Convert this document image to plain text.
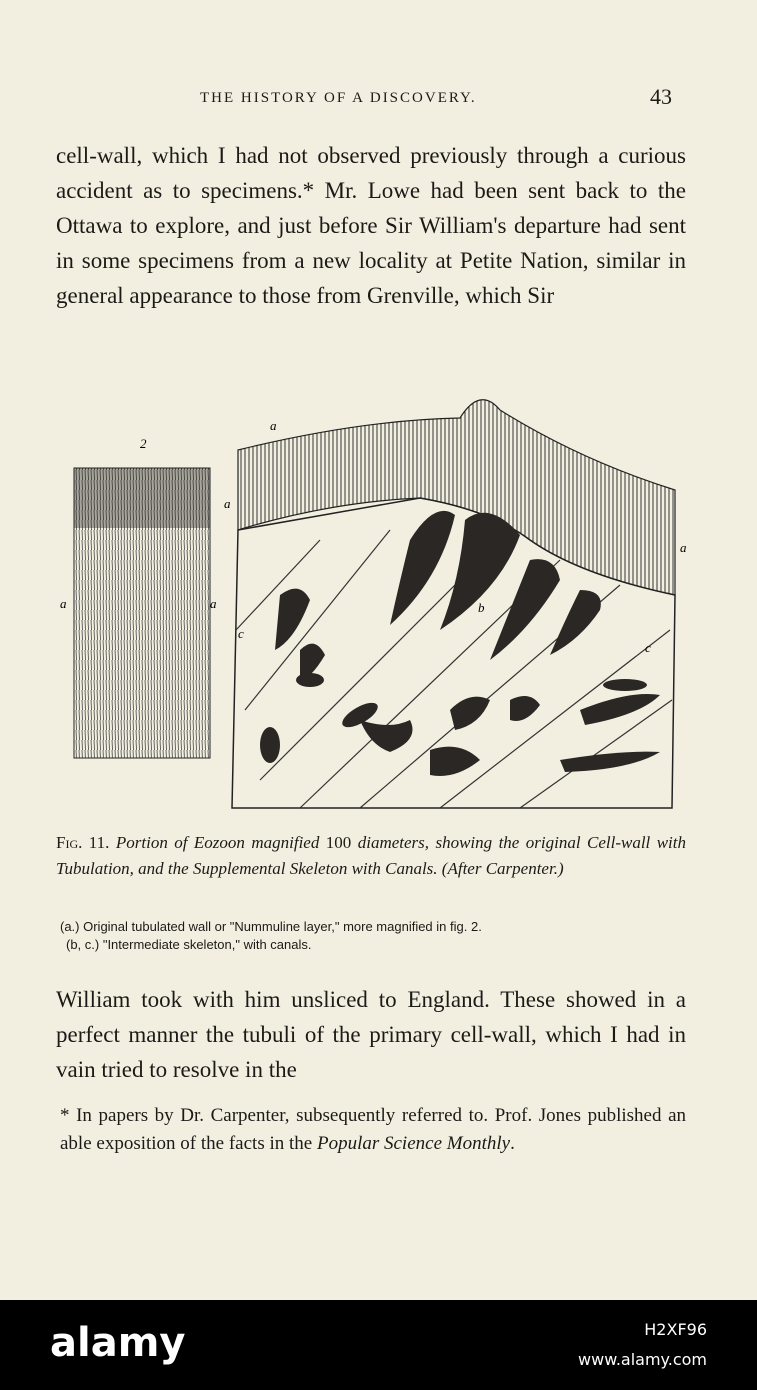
THE HISTORY OF A DISCOVERY.	43
cell-wall, which I had not observed previously through a curious accident as to specimens.* Mr. Lowe had been sent back to the Ottawa to explore, and just before Sir William's departure had sent in some specimens from a new locality at Petite Nation, similar in general appearance to those from Grenville, which Sir
2
a
a	a
a
a
b
c
c
Fig. 11. Portion of Eozoon magnified 100 diameters, showing the original Cell-wall with Tubulation, and the Supplemental Skeleton with Canals. (After Carpenter.)
(a.) Original tubulated wall or "Nummuline layer," more magnified in fig. 2.
(b, c.) "Intermediate skeleton," with canals.
William took with him unsliced to England. These showed in a perfect manner the tubuli of the primary cell-wall, which I had in vain tried to resolve in the
* In papers by Dr. Carpenter, subsequently referred to. Prof. Jones published an able exposition of the facts in the Popular Science Monthly.
alamy	H2XF96
www.alamy.com
